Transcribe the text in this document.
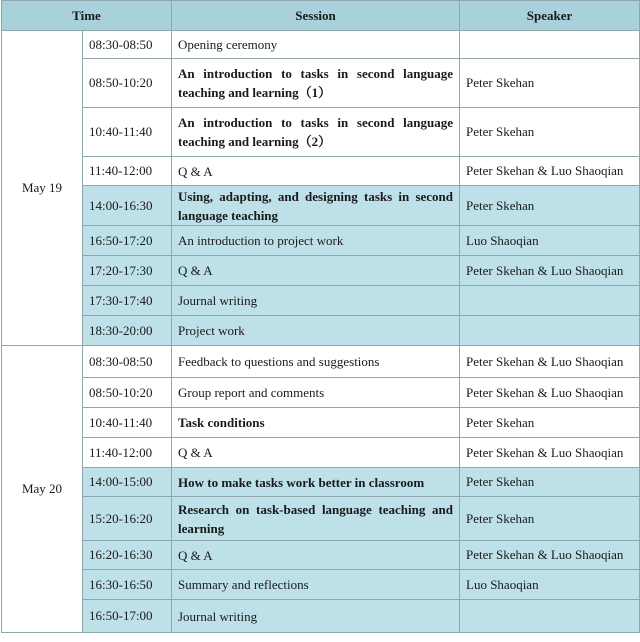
Time		Session	Speaker
May 19	08:30-08:50	Opening ceremony	
	08:50-10:20	An introduction to tasks in second language teaching and learning（1）	Peter Skehan
	10:40-11:40	An introduction to tasks in second language teaching and learning（2）	Peter Skehan
	11:40-12:00	Q & A	Peter Skehan & Luo Shaoqian
	14:00-16:30	Using, adapting, and designing tasks in second language teaching	Peter Skehan
	16:50-17:20	An introduction to project work	Luo Shaoqian
	17:20-17:30	Q & A	Peter Skehan & Luo Shaoqian
	17:30-17:40	Journal writing	
	18:30-20:00	Project work	
May 20	08:30-08:50	Feedback to questions and suggestions	Peter Skehan & Luo Shaoqian
	08:50-10:20	Group report and comments	Peter Skehan & Luo Shaoqian
	10:40-11:40	Task conditions	Peter Skehan
	11:40-12:00	Q & A	Peter Skehan & Luo Shaoqian
	14:00-15:00	How to make tasks work better in classroom	Peter Skehan
	15:20-16:20	Research on task-based language teaching and learning	Peter Skehan
	16:20-16:30	Q & A	Peter Skehan & Luo Shaoqian
	16:30-16:50	Summary and reflections	Luo Shaoqian
	16:50-17:00	Journal writing	
